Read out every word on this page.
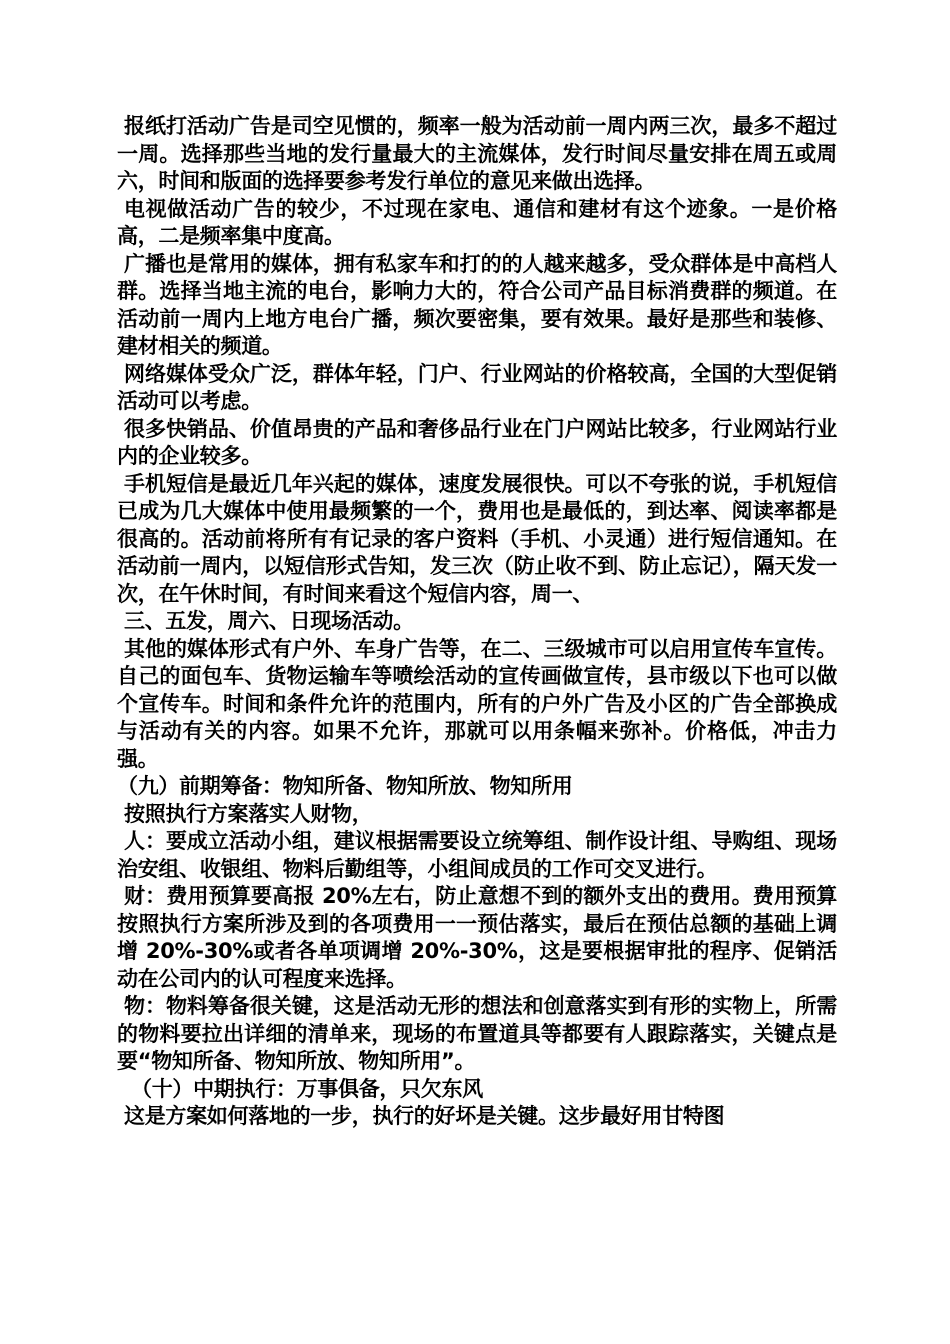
报纸打活动广告是司空见惯的，频率一般为活动前一周内两三次，最多不超过一周。选择那些当地的发行量最大的主流媒体，发行时间尽量安排在周五或周六，时间和版面的选择要参考发行单位的意见来做出选择。

电视做活动广告的较少，不过现在家电、通信和建材有这个迹象。一是价格高，二是频率集中度高。

广播也是常用的媒体，拥有私家车和打的的人越来越多，受众群体是中高档人群。选择当地主流的电台，影响力大的，符合公司产品目标消费群的频道。在活动前一周内上地方电台广播，频次要密集，要有效果。最好是那些和装修、建材相关的频道。

网络媒体受众广泛，群体年轻，门户、行业网站的价格较高，全国的大型促销活动可以考虑。

很多快销品、价值昂贵的产品和奢侈品行业在门户网站比较多，行业网站行业内的企业较多。

手机短信是最近几年兴起的媒体，速度发展很快。可以不夸张的说，手机短信已成为几大媒体中使用最频繁的一个，费用也是最低的，到达率、阅读率都是很高的。活动前将所有有记录的客户资料（手机、小灵通）进行短信通知。在活动前一周内，以短信形式告知，发三次（防止收不到、防止忘记），隔天发一次，在午休时间，有时间来看这个短信内容，周一、

三、五发，周六、日现场活动。

其他的媒体形式有户外、车身广告等，在二、三级城市可以启用宣传车宣传。自己的面包车、货物运输车等喷绘活动的宣传画做宣传，县市级以下也可以做个宣传车。时间和条件允许的范围内，所有的户外广告及小区的广告全部换成与活动有关的内容。如果不允许，那就可以用条幅来弥补。价格低，冲击力强。

（九）前期筹备：物知所备、物知所放、物知所用

按照执行方案落实人财物，

人：要成立活动小组，建议根据需要设立统筹组、制作设计组、导购组、现场治安组、收银组、物料后勤组等，小组间成员的工作可交叉进行。

财：费用预算要高报 20%左右，防止意想不到的额外支出的费用。费用预算按照执行方案所涉及到的各项费用一一预估落实，最后在预估总额的基础上调增 20%-30%或者各单项调增 20%-30%，这是要根据审批的程序、促销活动在公司内的认可程度来选择。

物：物料筹备很关键，这是活动无形的想法和创意落实到有形的实物上，所需的物料要拉出详细的清单来，现场的布置道具等都要有人跟踪落实，关键点是要“物知所备、物知所放、物知所用”。

（十）中期执行：万事俱备，只欠东风

这是方案如何落地的一步，执行的好坏是关键。这步最好用甘特图
